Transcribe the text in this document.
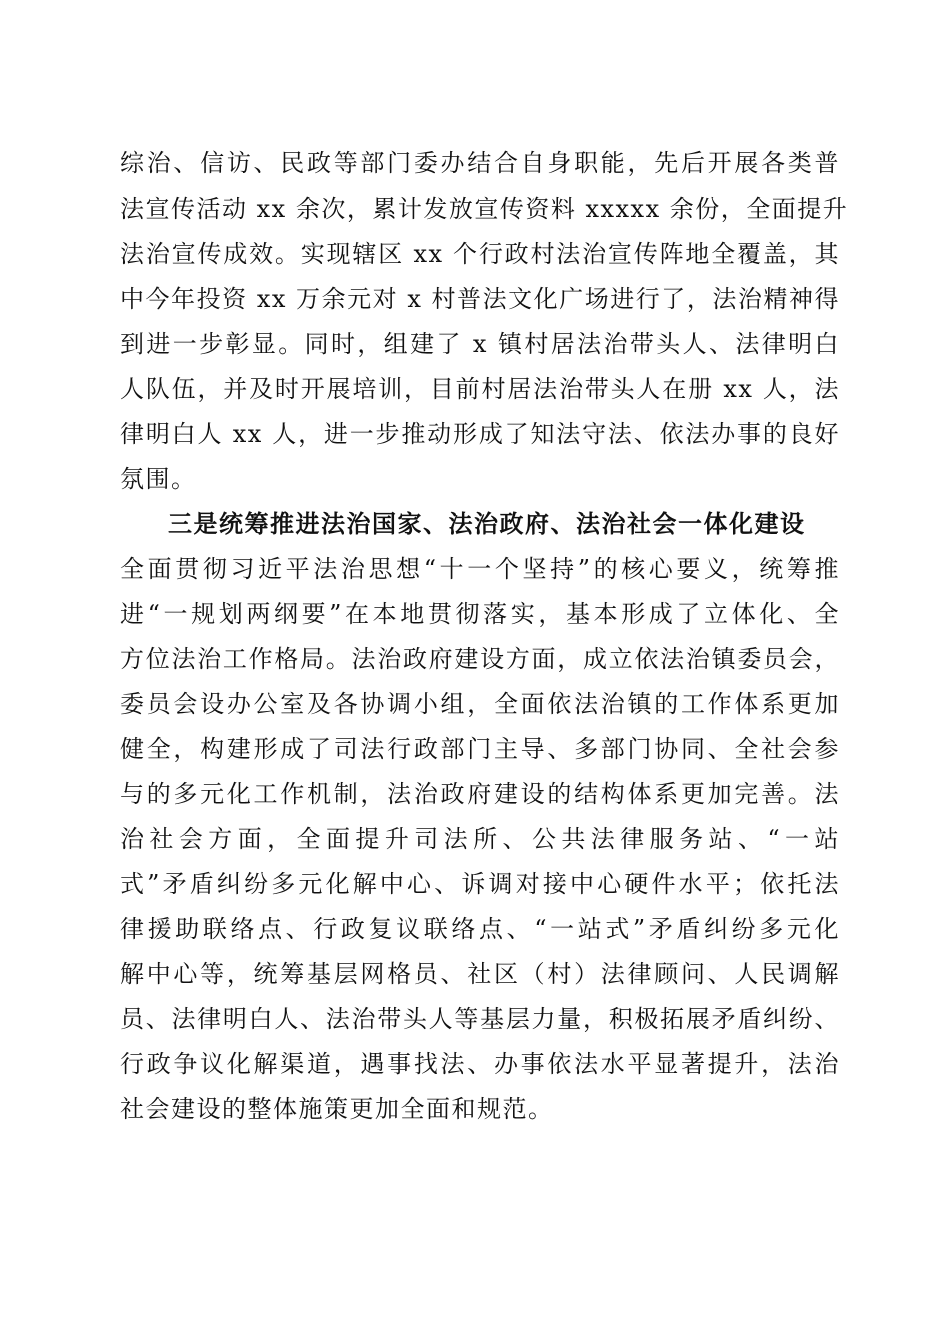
综治、信访、民政等部门委办结合自身职能，先后开展各类普
法宣传活动 xx 余次，累计发放宣传资料 xxxxx 余份，全面提升
法治宣传成效。实现辖区 xx 个行政村法治宣传阵地全覆盖，其
中今年投资 xx 万余元对 x 村普法文化广场进行了，法治精神得
到进一步彰显。同时，组建了 x 镇村居法治带头人、法律明白
人队伍，并及时开展培训，目前村居法治带头人在册 xx 人，法
律明白人 xx 人，进一步推动形成了知法守法、依法办事的良好
氛围。
三是统筹推进法治国家、法治政府、法治社会一体化建设
全面贯彻习近平法治思想“十一个坚持”的核心要义，统筹推
进“一规划两纲要”在本地贯彻落实，基本形成了立体化、全
方位法治工作格局。法治政府建设方面，成立依法治镇委员会，
委员会设办公室及各协调小组，全面依法治镇的工作体系更加
健全，构建形成了司法行政部门主导、多部门协同、全社会参
与的多元化工作机制，法治政府建设的结构体系更加完善。法
治社会方面，全面提升司法所、公共法律服务站、“一站
式”矛盾纠纷多元化解中心、诉调对接中心硬件水平；依托法
律援助联络点、行政复议联络点、“一站式”矛盾纠纷多元化
解中心等，统筹基层网格员、社区（村）法律顾问、人民调解
员、法律明白人、法治带头人等基层力量，积极拓展矛盾纠纷、
行政争议化解渠道，遇事找法、办事依法水平显著提升，法治
社会建设的整体施策更加全面和规范。
